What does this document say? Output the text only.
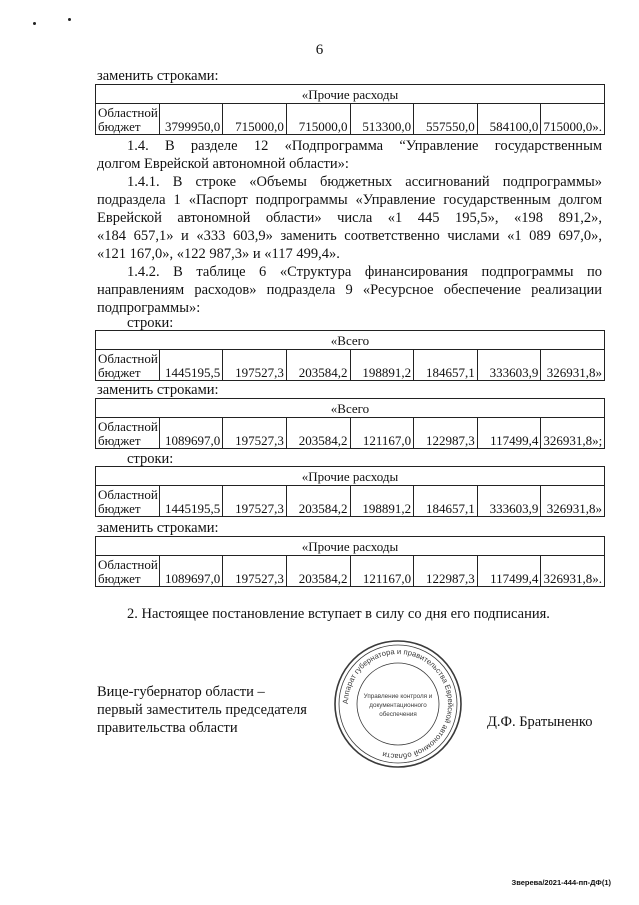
6
заменить строками:
«Прочие расходы
Областной
бюджет	3799950,0	715000,0	715000,0	513300,0	557550,0	584100,0	715000,0».
1.4. В разделе 12 «Подпрограмма “Управление государственным
долгом Еврейской автономной области»:
1.4.1. В строке «Объемы бюджетных ассигнований подпрограммы»
подраздела 1 «Паспорт подпрограммы «Управление государственным долгом
Еврейской автономной области» числа «1 445 195,5», «198 891,2»,
«184 657,1» и «333 603,9» заменить соответственно числами «1 089 697,0»,
«121 167,0», «122 987,3» и «117 499,4».
1.4.2. В таблице 6 «Структура финансирования подпрограммы по
направлениям расходов» подраздела 9 «Ресурсное обеспечение реализации
подпрограммы»:
строки:
«Всего
Областной
бюджет	1445195,5	197527,3	203584,2	198891,2	184657,1	333603,9	326931,8»
заменить строками:
«Всего
Областной
бюджет	1089697,0	197527,3	203584,2	121167,0	122987,3	117499,4	326931,8»;
строки:
«Прочие расходы
Областной
бюджет	1445195,5	197527,3	203584,2	198891,2	184657,1	333603,9	326931,8»
заменить строками:
«Прочие расходы
Областной
бюджет	1089697,0	197527,3	203584,2	121167,0	122987,3	117499,4	326931,8».
2. Настоящее постановление вступает в силу со дня его подписания.
Вице-губернатор области –
первый заместитель председателя
правительства области
Аппарат губернатора и правительства Еврейской автономной области
Управление контроля и
документационного
обеспечения	Д.Ф. Братыненко
Зверева/2021-444-пп-ДФ(1)
